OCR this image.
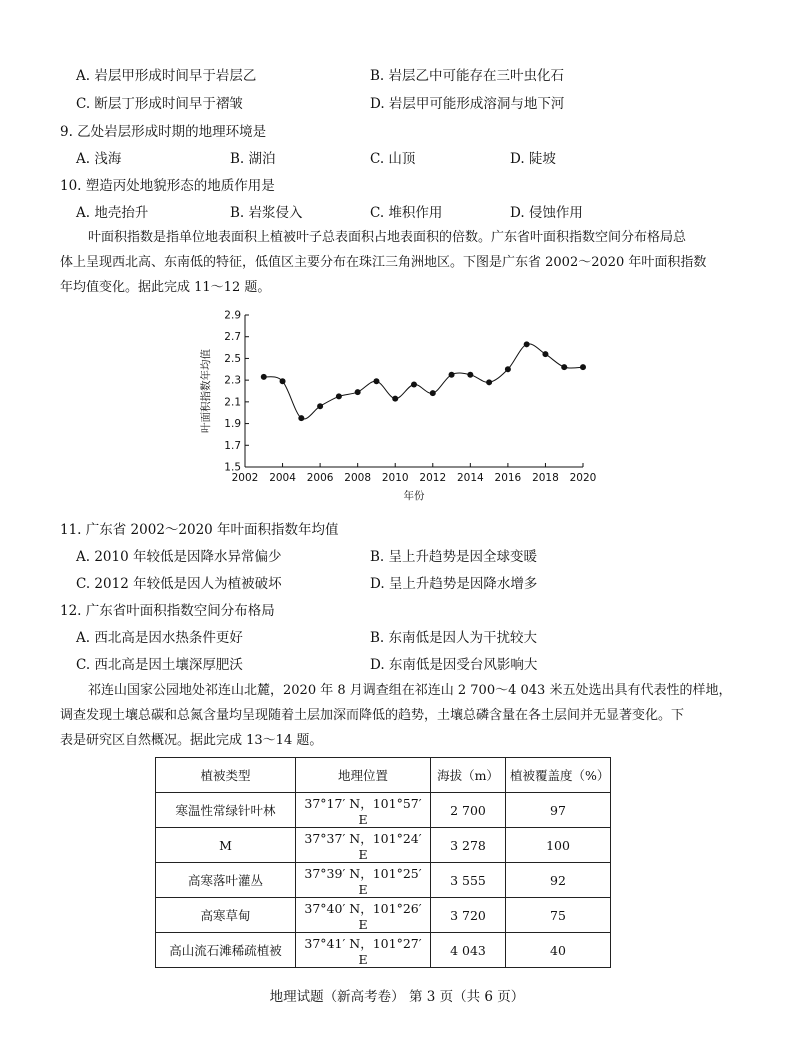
A. 岩层甲形成时间早于岩层乙	B. 岩层乙中可能存在三叶虫化石
C. 断层丁形成时间早于褶皱	D. 岩层甲可能形成溶洞与地下河
9. 乙处岩层形成时期的地理环境是
A. 浅海	B. 湖泊	C. 山顶	D. 陡坡
10. 塑造丙处地貌形态的地质作用是
A. 地壳抬升	B. 岩浆侵入	C. 堆积作用	D. 侵蚀作用
叶面积指数是指单位地表面积上植被叶子总表面积占地表面积的倍数。广东省叶面积指数空间分布格局总
体上呈现西北高、东南低的特征，低值区主要分布在珠江三角洲地区。下图是广东省 2002～2020 年叶面积指数
年均值变化。据此完成 11～12 题。
1.5
1.7
1.9
2.1
2.3
2.5
2.7
2.9
2002 2004 2006 2008 2010 2012 2014 2016 2018 2020
年份
叶面积指数年均值
11. 广东省 2002～2020 年叶面积指数年均值
A. 2010 年较低是因降水异常偏少	B. 呈上升趋势是因全球变暖
C. 2012 年较低是因人为植被破坏	D. 呈上升趋势是因降水增多
12. 广东省叶面积指数空间分布格局
A. 西北高是因水热条件更好	B. 东南低是因人为干扰较大
C. 西北高是因土壤深厚肥沃	D. 东南低是因受台风影响大
祁连山国家公园地处祁连山北麓，2020 年 8 月调查组在祁连山 2 700～4 043 米五处选出具有代表性的样地，
调查发现土壤总碳和总氮含量均呈现随着土层加深而降低的趋势，土壤总磷含量在各土层间并无显著变化。下
表是研究区自然概况。据此完成 13～14 题。
植被类型	地理位置	海拔（m）	植被覆盖度（%）
寒温性常绿针叶林	37°17′ N，101°57′ E	2 700	97
M	37°37′ N，101°24′ E	3 278	100
高寒落叶灌丛	37°39′ N，101°25′ E	3 555	92
高寒草甸	37°40′ N，101°26′ E	3 720	75
高山流石滩稀疏植被	37°41′ N，101°27′ E	4 043	40
地理试题（新高考卷） 第 3 页（共 6 页）
